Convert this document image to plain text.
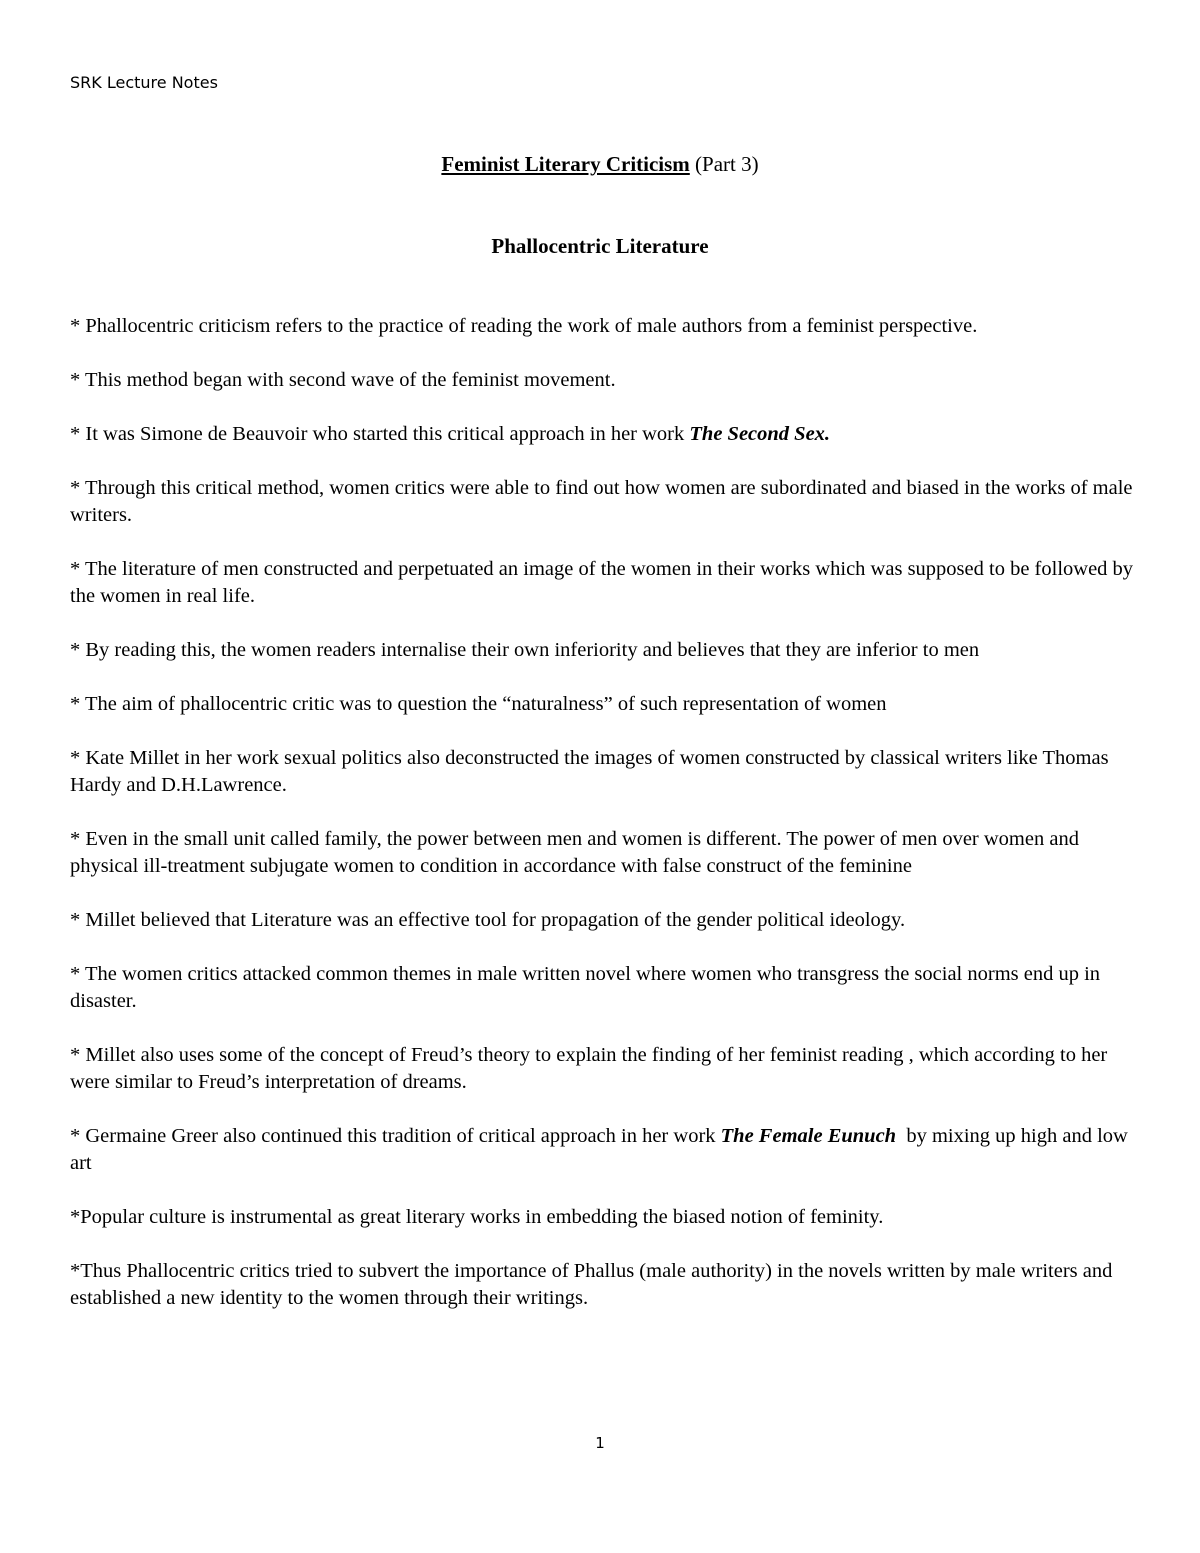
SRK Lecture Notes
Feminist Literary Criticism (Part 3)
Phallocentric Literature

* Phallocentric criticism refers to the practice of reading the work of male authors from a feminist perspective.

* This method began with second wave of the feminist movement.

* It was Simone de Beauvoir who started this critical approach in her work The Second Sex.

* Through this critical method, women critics were able to find out how women are subordinated and biased in the works of male writers.

* The literature of men constructed and perpetuated an image of the women in their works which was supposed to be followed by the women in real life.

* By reading this, the women readers internalise their own inferiority and believes that they are inferior to men

* The aim of phallocentric critic was to question the “naturalness” of such representation of women

* Kate Millet in her work sexual politics also deconstructed the images of women constructed by classical writers like Thomas Hardy and D.H.Lawrence.

* Even in the small unit called family, the power between men and women is different. The power of men over women and physical ill-treatment subjugate women to condition in accordance with false construct of the feminine

* Millet believed that Literature was an effective tool for propagation of the gender political ideology.

* The women critics attacked common themes in male written novel where women who transgress the social norms end up in disaster.

* Millet also uses some of the concept of Freud’s theory to explain the finding of her feminist reading , which according to her were similar to Freud’s interpretation of dreams.

* Germaine Greer also continued this tradition of critical approach in her work The Female Eunuch  by mixing up high and low art

*Popular culture is instrumental as great literary works in embedding the biased notion of feminity.

*Thus Phallocentric critics tried to subvert the importance of Phallus (male authority) in the novels written by male writers and established a new identity to the women through their writings.

1
